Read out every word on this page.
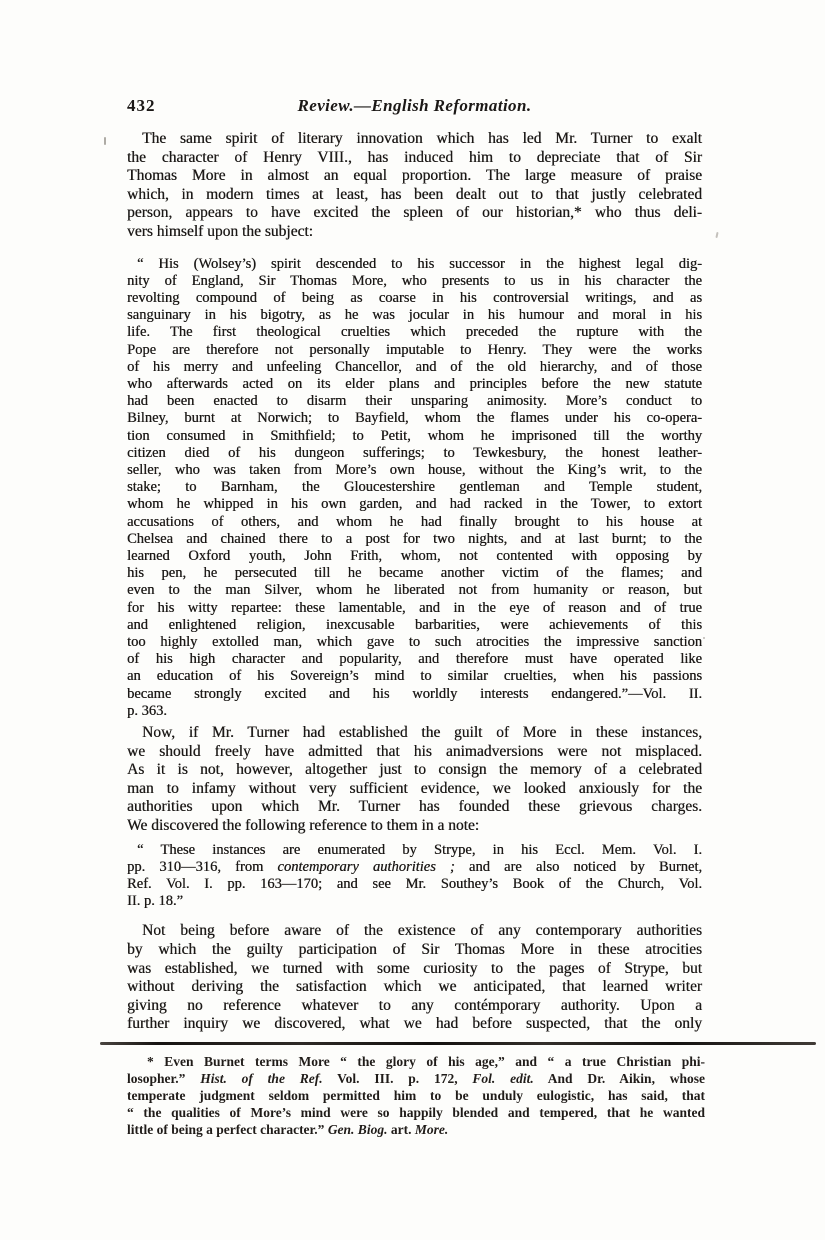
432	Review.—English Reformation.
The same spirit of literary innovation which has led Mr. Turner to exalt
the character of Henry VIII., has induced him to depreciate that of Sir
Thomas More in almost an equal proportion. The large measure of praise
which, in modern times at least, has been dealt out to that justly celebrated
person, appears to have excited the spleen of our historian,* who thus deli-
vers himself upon the subject:
“ His (Wolsey’s) spirit descended to his successor in the highest legal dig-
nity of England, Sir Thomas More, who presents to us in his character the
revolting compound of being as coarse in his controversial writings, and as
sanguinary in his bigotry, as he was jocular in his humour and moral in his
life. The first theological cruelties which preceded the rupture with the
Pope are therefore not personally imputable to Henry. They were the works
of his merry and unfeeling Chancellor, and of the old hierarchy, and of those
who afterwards acted on its elder plans and principles before the new statute
had been enacted to disarm their unsparing animosity. More’s conduct to
Bilney, burnt at Norwich; to Bayfield, whom the flames under his co-opera-
tion consumed in Smithfield; to Petit, whom he imprisoned till the worthy
citizen died of his dungeon sufferings; to Tewkesbury, the honest leather-
seller, who was taken from More’s own house, without the King’s writ, to the
stake; to Barnham, the Gloucestershire gentleman and Temple student,
whom he whipped in his own garden, and had racked in the Tower, to extort
accusations of others, and whom he had finally brought to his house at
Chelsea and chained there to a post for two nights, and at last burnt; to the
learned Oxford youth, John Frith, whom, not contented with opposing by
his pen, he persecuted till he became another victim of the flames; and
even to the man Silver, whom he liberated not from humanity or reason, but
for his witty repartee: these lamentable, and in the eye of reason and of true
and enlightened religion, inexcusable barbarities, were achievements of this
too highly extolled man, which gave to such atrocities the impressive sanction
of his high character and popularity, and therefore must have operated like
an education of his Sovereign’s mind to similar cruelties, when his passions
became strongly excited and his worldly interests endangered.”—Vol. II.
p. 363.
Now, if Mr. Turner had established the guilt of More in these instances,
we should freely have admitted that his animadversions were not misplaced.
As it is not, however, altogether just to consign the memory of a celebrated
man to infamy without very sufficient evidence, we looked anxiously for the
authorities upon which Mr. Turner has founded these grievous charges.
We discovered the following reference to them in a note:
“ These instances are enumerated by Strype, in his Eccl. Mem. Vol. I.
pp. 310—316, from contemporary authorities ; and are also noticed by Burnet,
Ref. Vol. I. pp. 163—170; and see Mr. Southey’s Book of the Church, Vol.
II. p. 18.”
Not being before aware of the existence of any contemporary authorities
by which the guilty participation of Sir Thomas More in these atrocities
was established, we turned with some curiosity to the pages of Strype, but
without deriving the satisfaction which we anticipated, that learned writer
giving no reference whatever to any contémporary authority. Upon a
further inquiry we discovered, what we had before suspected, that the only
* Even Burnet terms More “ the glory of his age,” and “ a true Christian phi-
losopher.” Hist. of the Ref. Vol. III. p. 172, Fol. edit. And Dr. Aikin, whose
temperate judgment seldom permitted him to be unduly eulogistic, has said, that
“ the qualities of More’s mind were so happily blended and tempered, that he wanted
little of being a perfect character.” Gen. Biog. art. More.
